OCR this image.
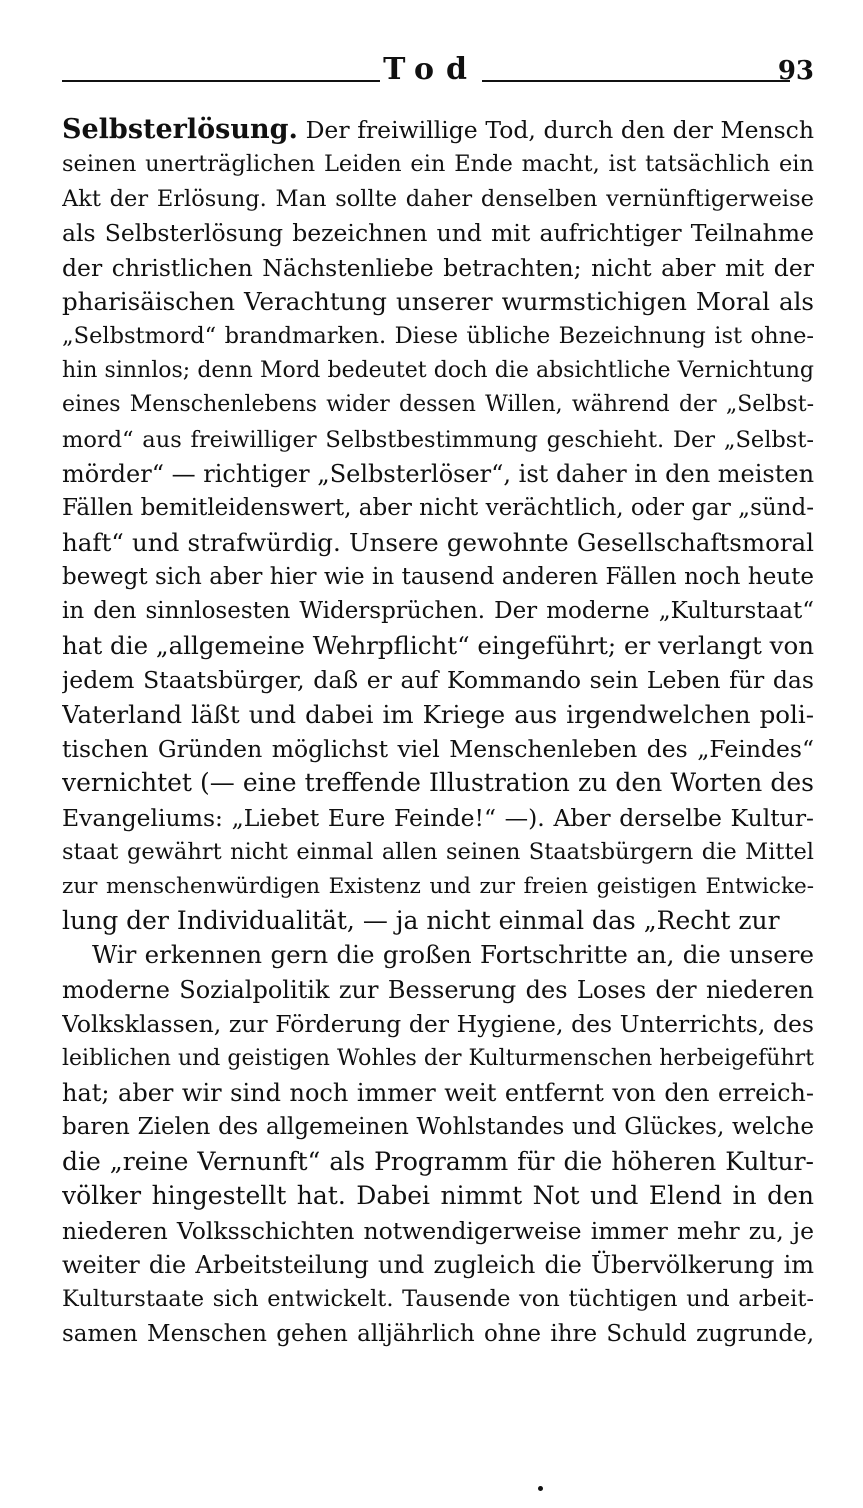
Tod	93
Selbsterlösung. Der freiwillige Tod, durch den der Mensch
seinen unerträglichen Leiden ein Ende macht, ist tatsächlich ein
Akt der Erlösung. Man sollte daher denselben vernünftigerweise
als Selbsterlösung bezeichnen und mit aufrichtiger Teilnahme
der christlichen Nächstenliebe betrachten; nicht aber mit der
pharisäischen Verachtung unserer wurmstichigen Moral als
„Selbstmord“ brandmarken. Diese übliche Bezeichnung ist ohne-
hin sinnlos; denn Mord bedeutet doch die absichtliche Vernichtung
eines Menschenlebens wider dessen Willen, während der „Selbst-
mord“ aus freiwilliger Selbstbestimmung geschieht. Der „Selbst-
mörder“ — richtiger „Selbsterlöser“, ist daher in den meisten
Fällen bemitleidenswert, aber nicht verächtlich, oder gar „sünd-
haft“ und strafwürdig. Unsere gewohnte Gesellschaftsmoral
bewegt sich aber hier wie in tausend anderen Fällen noch heute
in den sinnlosesten Widersprüchen. Der moderne „Kulturstaat“
hat die „allgemeine Wehrpflicht“ eingeführt; er verlangt von
jedem Staatsbürger, daß er auf Kommando sein Leben für das
Vaterland läßt und dabei im Kriege aus irgendwelchen poli-
tischen Gründen möglichst viel Menschenleben des „Feindes“
vernichtet (— eine treffende Illustration zu den Worten des
Evangeliums: „Liebet Eure Feinde!“ —). Aber derselbe Kultur-
staat gewährt nicht einmal allen seinen Staatsbürgern die Mittel
zur menschenwürdigen Existenz und zur freien geistigen Entwicke-
lung der Individualität, — ja nicht einmal das „Recht zur
Wir erkennen gern die großen Fortschritte an, die unsere
moderne Sozialpolitik zur Besserung des Loses der niederen
Volksklassen, zur Förderung der Hygiene, des Unterrichts, des
leiblichen und geistigen Wohles der Kulturmenschen herbeigeführt
hat; aber wir sind noch immer weit entfernt von den erreich-
baren Zielen des allgemeinen Wohlstandes und Glückes, welche
die „reine Vernunft“ als Programm für die höheren Kultur-
völker hingestellt hat. Dabei nimmt Not und Elend in den
niederen Volksschichten notwendigerweise immer mehr zu, je
weiter die Arbeitsteilung und zugleich die Übervölkerung im
Kulturstaate sich entwickelt. Tausende von tüchtigen und arbeit-
samen Menschen gehen alljährlich ohne ihre Schuld zugrunde,
